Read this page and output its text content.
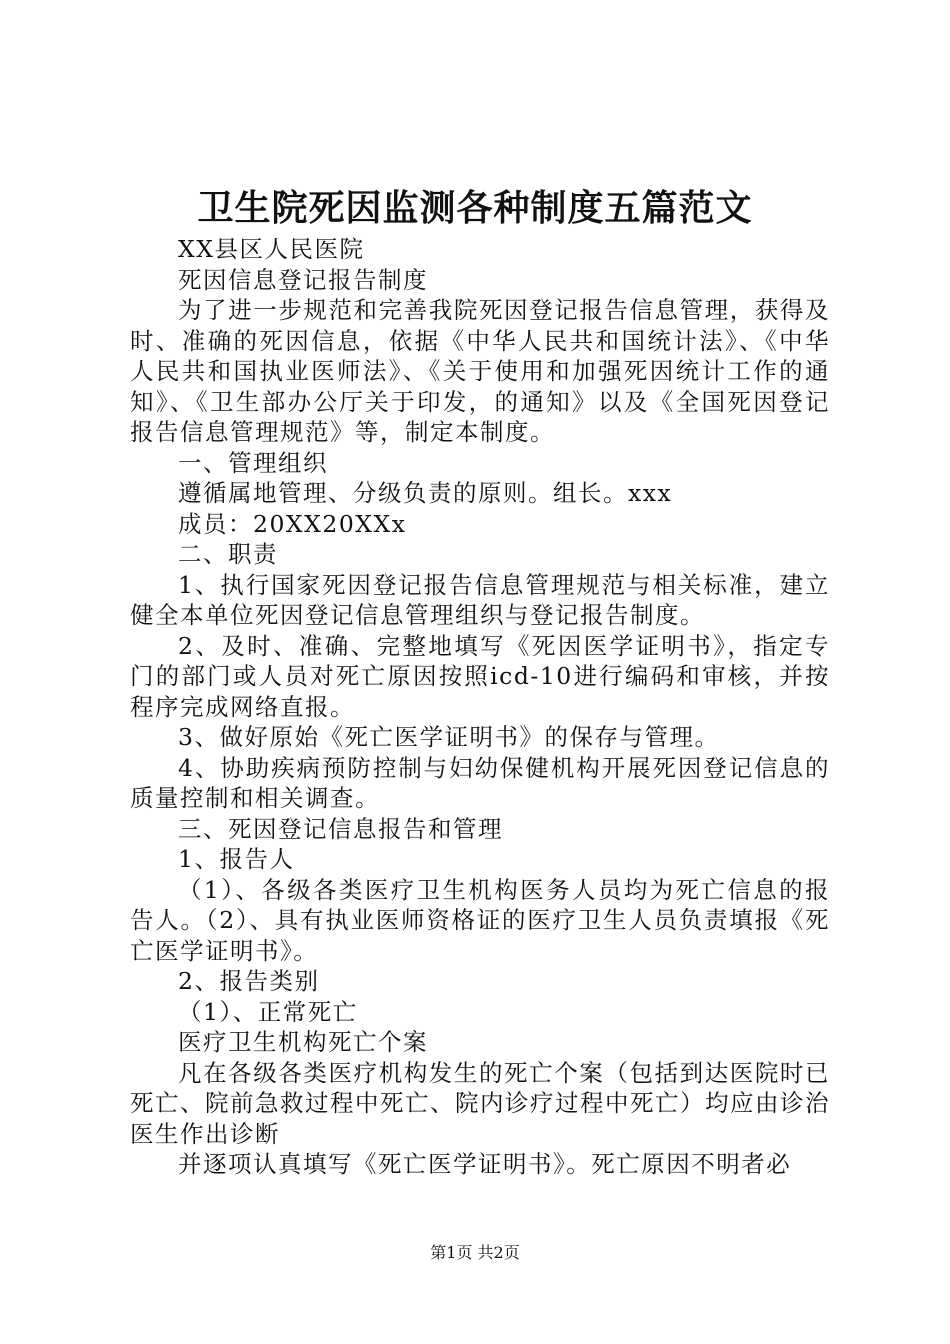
卫生院死因监测各种制度五篇范文

XX县区人民医院

死因信息登记报告制度

为了进一步规范和完善我院死因登记报告信息管理，获得及时、准确的死因信息，依据《中华人民共和国统计法》、《中华人民共和国执业医师法》、《关于使用和加强死因统计工作的通知》、《卫生部办公厅关于印发，的通知》以及《全国死因登记报告信息管理规范》等，制定本制度。

一、管理组织

遵循属地管理、分级负责的原则。组长。xxx

成员：20XX20XXx

二、职责

1、执行国家死因登记报告信息管理规范与相关标准，建立健全本单位死因登记信息管理组织与登记报告制度。

2、及时、准确、完整地填写《死因医学证明书》，指定专门的部门或人员对死亡原因按照icd-10进行编码和审核，并按程序完成网络直报。

3、做好原始《死亡医学证明书》的保存与管理。

4、协助疾病预防控制与妇幼保健机构开展死因登记信息的质量控制和相关调查。

三、死因登记信息报告和管理

1、报告人

（1）、各级各类医疗卫生机构医务人员均为死亡信息的报告人。（2）、具有执业医师资格证的医疗卫生人员负责填报《死亡医学证明书》。

2、报告类别

（1）、正常死亡

医疗卫生机构死亡个案

凡在各级各类医疗机构发生的死亡个案（包括到达医院时已死亡、院前急救过程中死亡、院内诊疗过程中死亡）均应由诊治医生作出诊断

并逐项认真填写《死亡医学证明书》。死亡原因不明者必

第1页 共2页
